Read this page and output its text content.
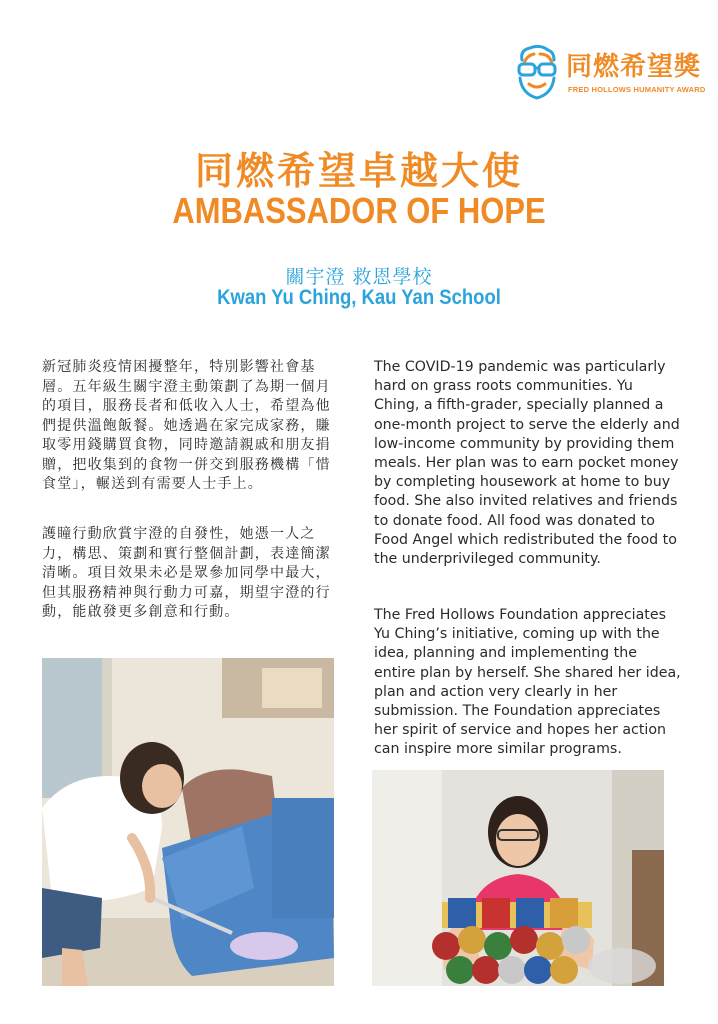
同燃希望獎
FRED HOLLOWS HUMANITY AWARD
同燃希望卓越大使
AMBASSADOR OF HOPE
關宇澄 救恩學校
Kwan Yu Ching, Kau Yan School
新冠肺炎疫情困擾整年，特別影響社會基層。五年級生關宇澄主動策劃了為期一個月的項目，服務長者和低收入人士，希望為他們提供溫飽飯餐。她透過在家完成家務，賺取零用錢購買食物，同時邀請親戚和朋友捐贈，把收集到的食物一併交到服務機構「惜食堂」，輾送到有需要人士手上。
護瞳行動欣賞宇澄的自發性，她憑一人之力，構思、策劃和實行整個計劃，表達簡潔清晰。項目效果未必是眾參加同學中最大，但其服務精神與行動力可嘉，期望宇澄的行動，能啟發更多創意和行動。
The COVID-19 pandemic was particularly hard on grass roots communities. Yu Ching, a fifth-grader, specially planned a one-month project to serve the elderly and low-income community by providing them meals. Her plan was to earn pocket money by completing housework at home to buy food. She also invited relatives and friends to donate food. All food was donated to Food Angel which redistributed the food to the underprivileged community.
The Fred Hollows Foundation appreciates Yu Ching’s initiative, coming up with the idea, planning and implementing the entire plan by herself. She shared her idea, plan and action very clearly in her submission. The Foundation appreciates her spirit of service and hopes her action can inspire more similar programs.
